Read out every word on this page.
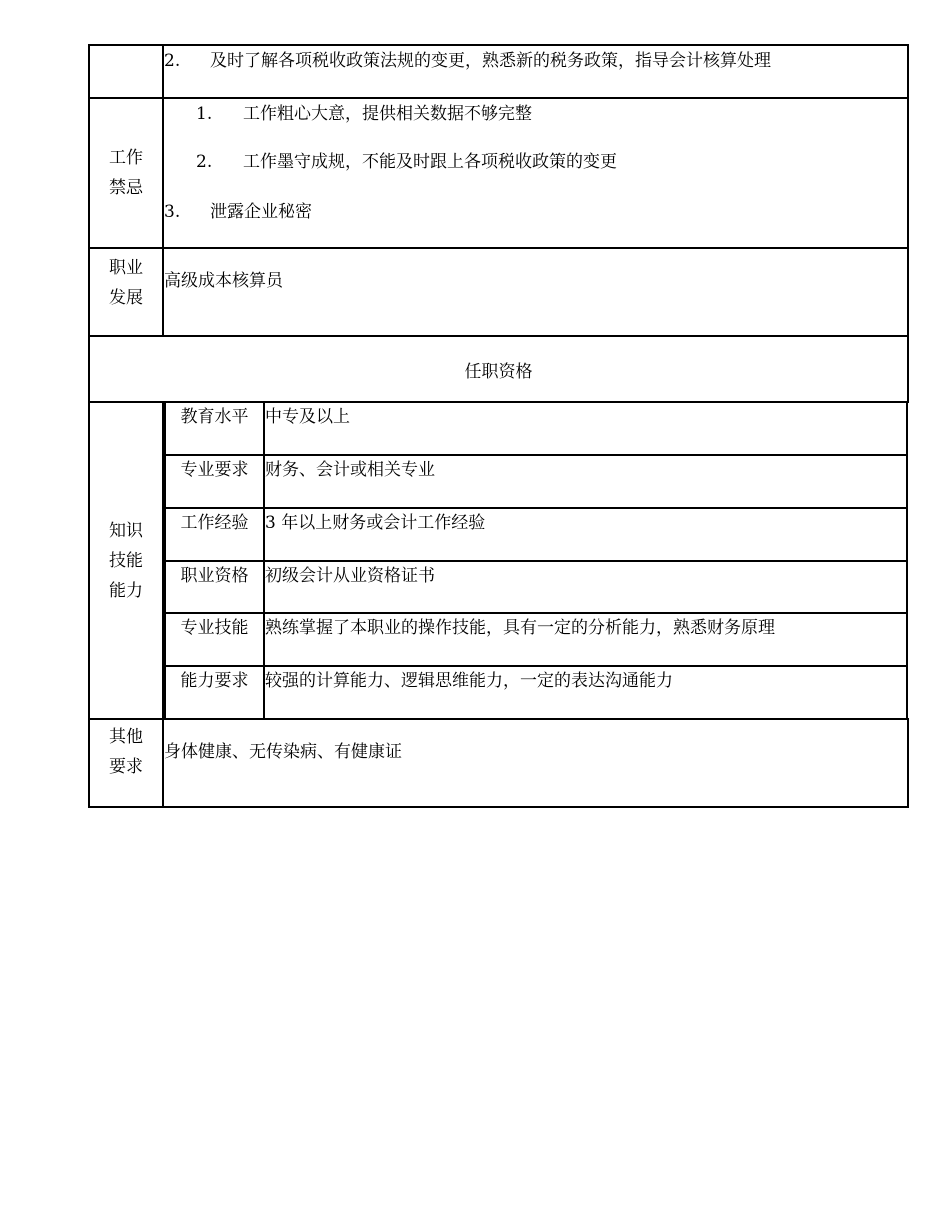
2. 及时了解各项税收政策法规的变更，熟悉新的税务政策，指导会计核算处理

工作
禁忌

1. 工作粗心大意，提供相关数据不够完整
2. 工作墨守成规，不能及时跟上各项税收政策的变更
3. 泄露企业秘密

职业
发展

高级成本核算员

任职资格

知识
技能
能力

教育水平	中专及以上
专业要求	财务、会计或相关专业
工作经验	3 年以上财务或会计工作经验
职业资格	初级会计从业资格证书
专业技能	熟练掌握了本职业的操作技能，具有一定的分析能力，熟悉财务原理
能力要求	较强的计算能力、逻辑思维能力，一定的表达沟通能力

其他
要求

身体健康、无传染病、有健康证
